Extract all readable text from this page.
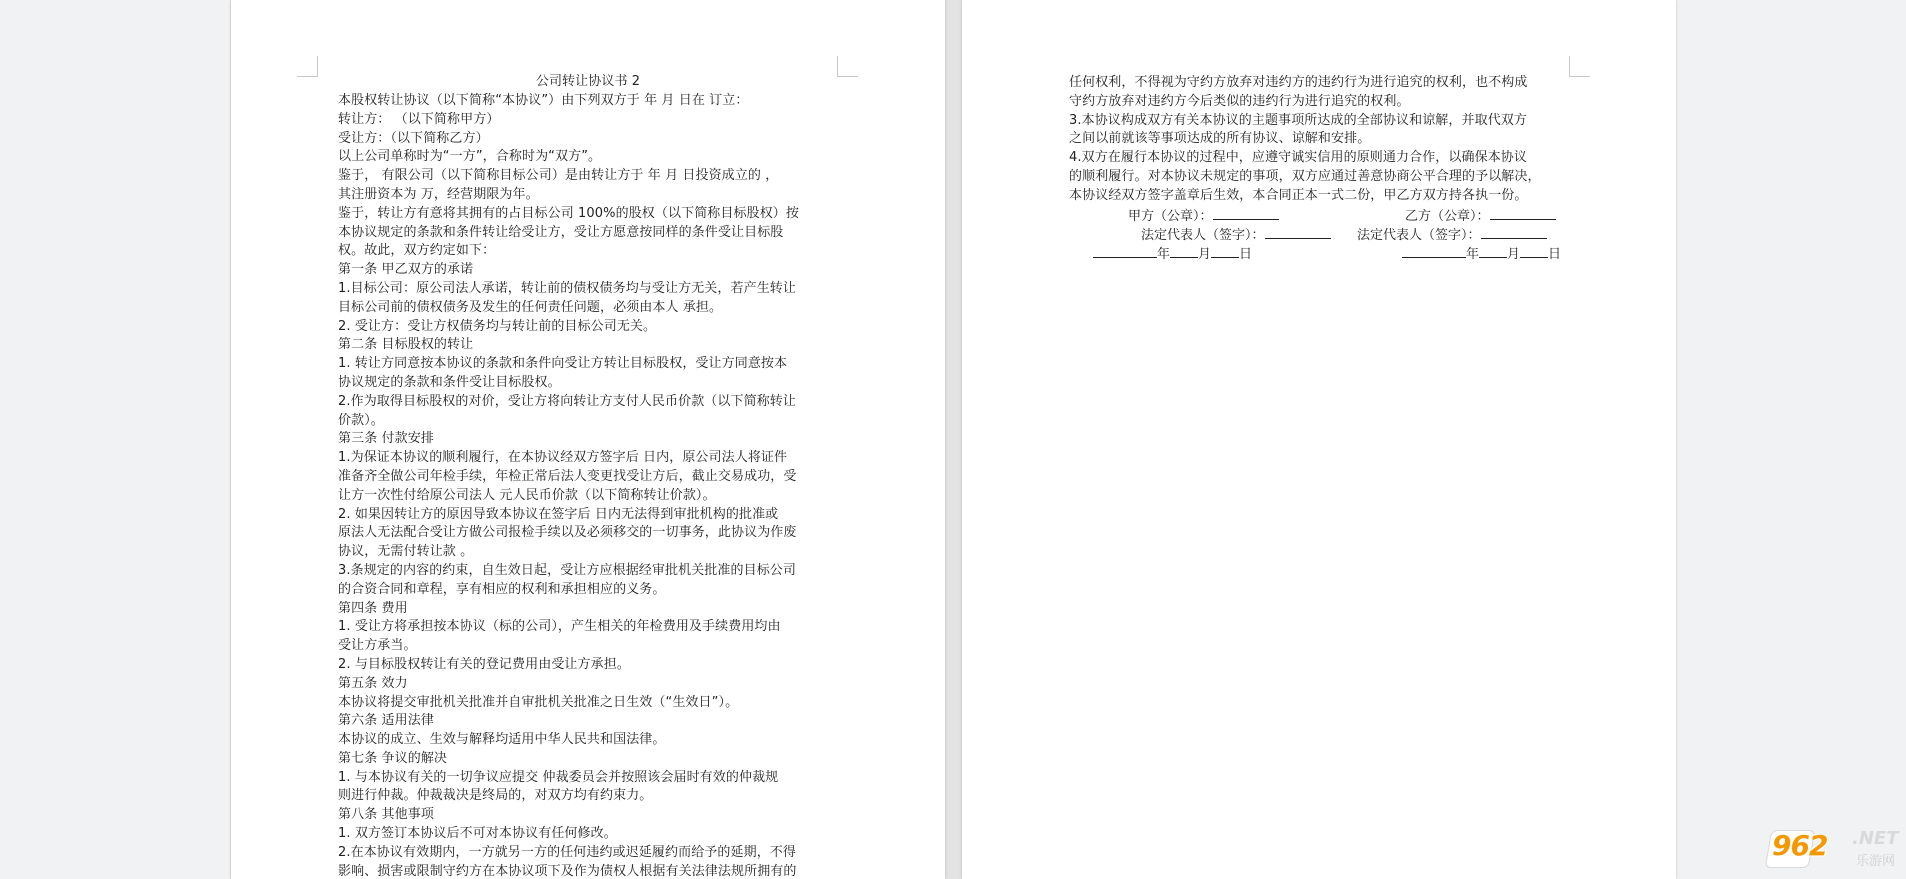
公司转让协议书 2
本股权转让协议（以下简称“本协议”）由下列双方于 年 月 日在 订立：
转让方： （以下简称甲方）
受让方：（以下简称乙方）
以上公司单称时为“一方”，合称时为“双方”。
鉴于， 有限公司（以下简称目标公司）是由转让方于 年 月 日投资成立的 ，
其注册资本为 万，经营期限为年。
鉴于，转让方有意将其拥有的占目标公司 100%的股权（以下简称目标股权）按
本协议规定的条款和条件转让给受让方，受让方愿意按同样的条件受让目标股
权。故此，双方约定如下：
第一条 甲乙双方的承诺
1.目标公司：原公司法人承诺，转让前的债权债务均与受让方无关，若产生转让
目标公司前的债权债务及发生的任何责任问题，必须由本人 承担。
2. 受让方：受让方权债务均与转让前的目标公司无关。
第二条 目标股权的转让
1. 转让方同意按本协议的条款和条件向受让方转让目标股权，受让方同意按本
协议规定的条款和条件受让目标股权。
2.作为取得目标股权的对价，受让方将向转让方支付人民币价款（以下简称转让
价款）。
第三条 付款安排
1.为保证本协议的顺利履行，在本协议经双方签字后 日内，原公司法人将证件
准备齐全做公司年检手续，年检正常后法人变更找受让方后，截止交易成功，受
让方一次性付给原公司法人 元人民币价款（以下简称转让价款）。
2. 如果因转让方的原因导致本协议在签字后 日内无法得到审批机构的批准或
原法人无法配合受让方做公司报检手续以及必须移交的一切事务，此协议为作废
协议，无需付转让款 。
3.条规定的内容的约束，自生效日起，受让方应根据经审批机关批准的目标公司
的合资合同和章程，享有相应的权利和承担相应的义务。
第四条 费用
1. 受让方将承担按本协议（标的公司），产生相关的年检费用及手续费用均由
受让方承当。
2. 与目标股权转让有关的登记费用由受让方承担。
第五条 效力
本协议将提交审批机关批准并自审批机关批准之日生效（“生效日”）。
第六条 适用法律
本协议的成立、生效与解释均适用中华人民共和国法律。
第七条 争议的解决
1. 与本协议有关的一切争议应提交 仲裁委员会并按照该会届时有效的仲裁规
则进行仲裁。仲裁裁决是终局的，对双方均有约束力。
第八条 其他事项
1. 双方签订本协议后不可对本协议有任何修改。
2.在本协议有效期内，一方就另一方的任何违约或迟延履约而给予的延期，不得
影响、损害或限制守约方在本协议项下及作为债权人根据有关法律法规所拥有的
任何权利，不得视为守约方放弃对违约方的违约行为进行追究的权利，也不构成
守约方放弃对违约方今后类似的违约行为进行追究的权利。
3.本协议构成双方有关本协议的主题事项所达成的全部协议和谅解，并取代双方
之间以前就该等事项达成的所有协议、谅解和安排。
4.双方在履行本协议的过程中，应遵守诚实信用的原则通力合作，以确保本协议
的顺利履行。对本协议未规定的事项，双方应通过善意协商公平合理的予以解决，
本协议经双方签字盖章后生效，本合同正本一式二份，甲乙方双方持各执一份。
甲方（公章）：	乙方（公章）：
法定代表人（签字）：	法定代表人（签字）：
年 月 日	年 月 日
962 .NET
乐游网
